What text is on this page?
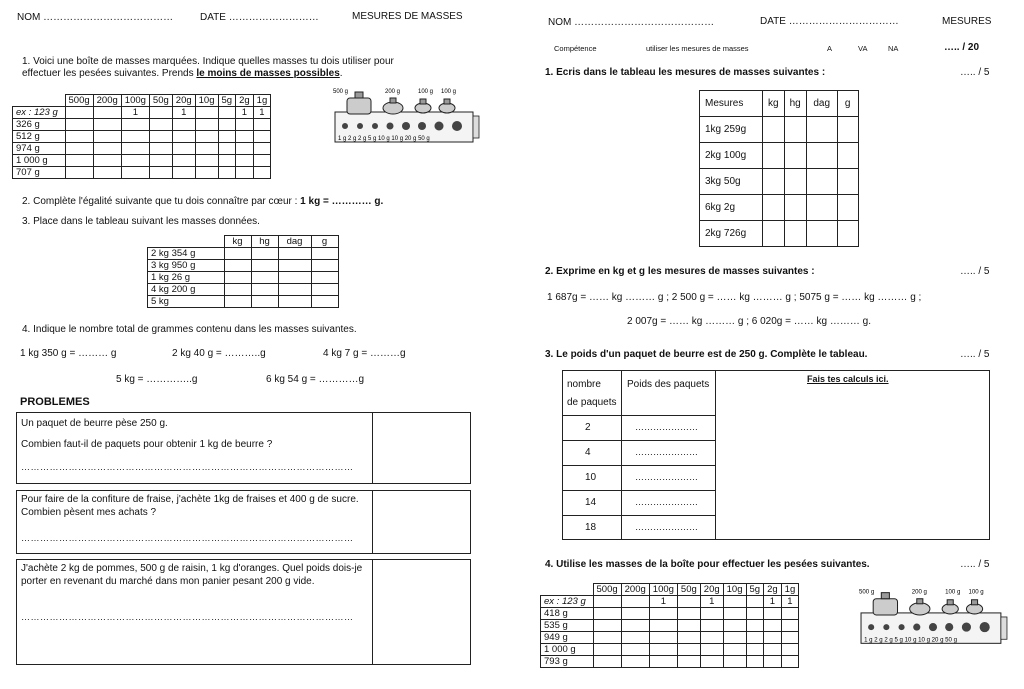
NOM …………………………………	DATE ………………………	MESURES DE MASSES
1. Voici une boîte de masses marquées. Indique quelles masses tu dois utiliser pour
effectuer les pesées suivantes. Prends le moins de masses possibles.
	500g	200g	100g	50g	20g	10g	5g	2g	1g
ex : 123 g			1		1			1	1
326 g									
512 g									
974 g									
1 000 g									
707 g									
500 g	200 g	100 g 100 g
1 g 2 g 2 g 5 g 10 g 10 g 20 g 50 g
2. Complète l'égalité suivante que tu dois connaître par cœur : 1 kg = ………… g.
3. Place dans le tableau suivant les masses données.
	kg	hg	dag	g
2 kg 354 g				
3 kg 950 g				
1 kg 26 g				
4 kg 200 g				
5 kg				
4. Indique le nombre total de grammes contenu dans les masses suivantes.
1 kg 350 g = ……… g	2 kg 40 g = ………..g	4 kg 7 g = ………g
5 kg = …………..g	6 kg 54 g = …………g
PROBLEMES
Un paquet de beurre pèse 250 g.
Combien faut-il de paquets pour obtenir 1 kg de beurre ?
……………………………………………………………………………………………
Pour faire de la confiture de fraise, j'achète 1kg de fraises et 400 g de sucre. Combien pèsent mes achats ?
……………………………………………………………………………………………
J'achète 2 kg de pommes, 500 g de raisin, 1 kg d'oranges. Quel poids dois-je porter en revenant du marché dans mon panier pesant 200 g vide.
……………………………………………………………………………………………
NOM ……………………………………	DATE ……………………………	MESURES
Compétence	utiliser les mesures de masses	A	VA	NA	….. / 20
1. Ecris dans le tableau les mesures de masses suivantes :	….. / 5
Mesures	kg	hg	dag	g
1kg 259g				
2kg 100g				
3kg 50g				
6kg 2g				
2kg 726g				
2. Exprime en kg et g les mesures de masses suivantes :	….. / 5
1 687g = …… kg ……… g ; 2 500 g = …… kg ……… g ; 5075 g = …… kg ……… g ;
2 007g = …… kg ……… g ; 6 020g = …… kg ……… g.
3. Le poids d'un paquet de beurre est de 250 g. Complète le tableau.	….. / 5
nombre
de paquets
Poids des paquets	Fais tes calculs ici.
2	…………………
4	…………………
10	…………………
14	…………………
18	…………………
4. Utilise les masses de la boîte pour effectuer les pesées suivantes.	….. / 5
	500g	200g	100g	50g	20g	10g	5g	2g	1g
ex : 123 g			1		1			1	1
418 g									
535 g									
949 g									
1 000 g									
793 g									
500 g	200 g	100 g 100 g
1 g 2 g 2 g 5 g 10 g 10 g 20 g 50 g
